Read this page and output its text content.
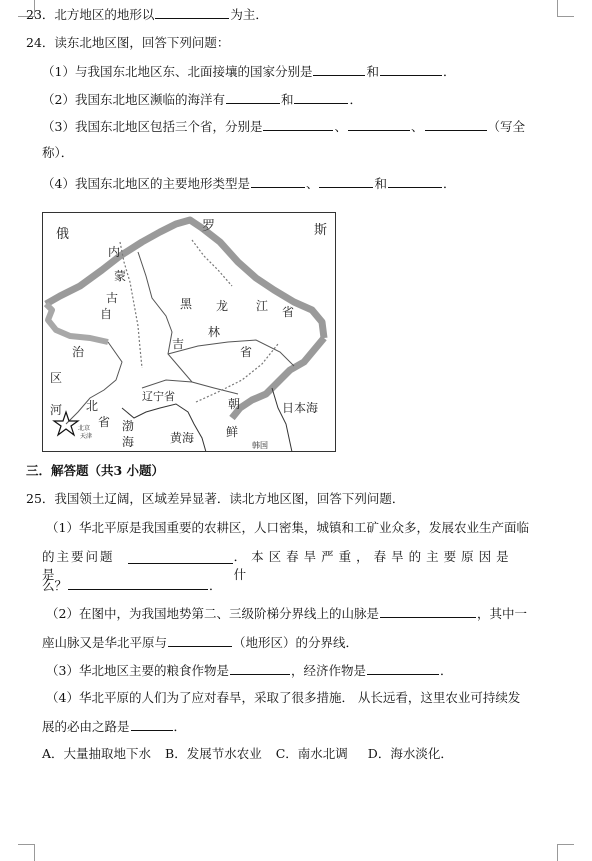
23．北方地区的地形以	为主．
24．读东北地区图，回答下列问题：
（1）与我国东北地区东、北面接壤的国家分别是	和	．
（2）我国东北地区濒临的海洋有	和	．
（3）我国东北地区包括三个省，分别是	、	、	（写全
称）．
（4）我国东北地区的主要地形类型是	、	和	．
俄
罗	斯
内
蒙
古
自
治
区
黑 龙 江 省
吉
林
省
辽宁省
朝
鲜
河 北
省 渤
海	黄海
日本海
韩国
北京
天津
三．解答题（共3 小题）
25．我国领土辽阔，区域差异显著．读北方地区图，回答下列问题．
（1）华北平原是我国重要的农耕区，人口密集，城镇和工矿业众多，发展农业生产面临
的主要问题是
．本区春旱严重，春旱的主要原因是什
么？	．
（2）在图中，为我国地势第二、三级阶梯分界线上的山脉是	，其中一
座山脉又是华北平原与	（地形区）的分界线．
（3）华北地区主要的粮食作物是	，经济作物是	．
（4）华北平原的人们为了应对春旱，采取了很多措施． 从长远看，这里农业可持续发
展的必由之路是	．
A．大量抽取地下水 B．发展节水农业 C．南水北调 D．海水淡化．
